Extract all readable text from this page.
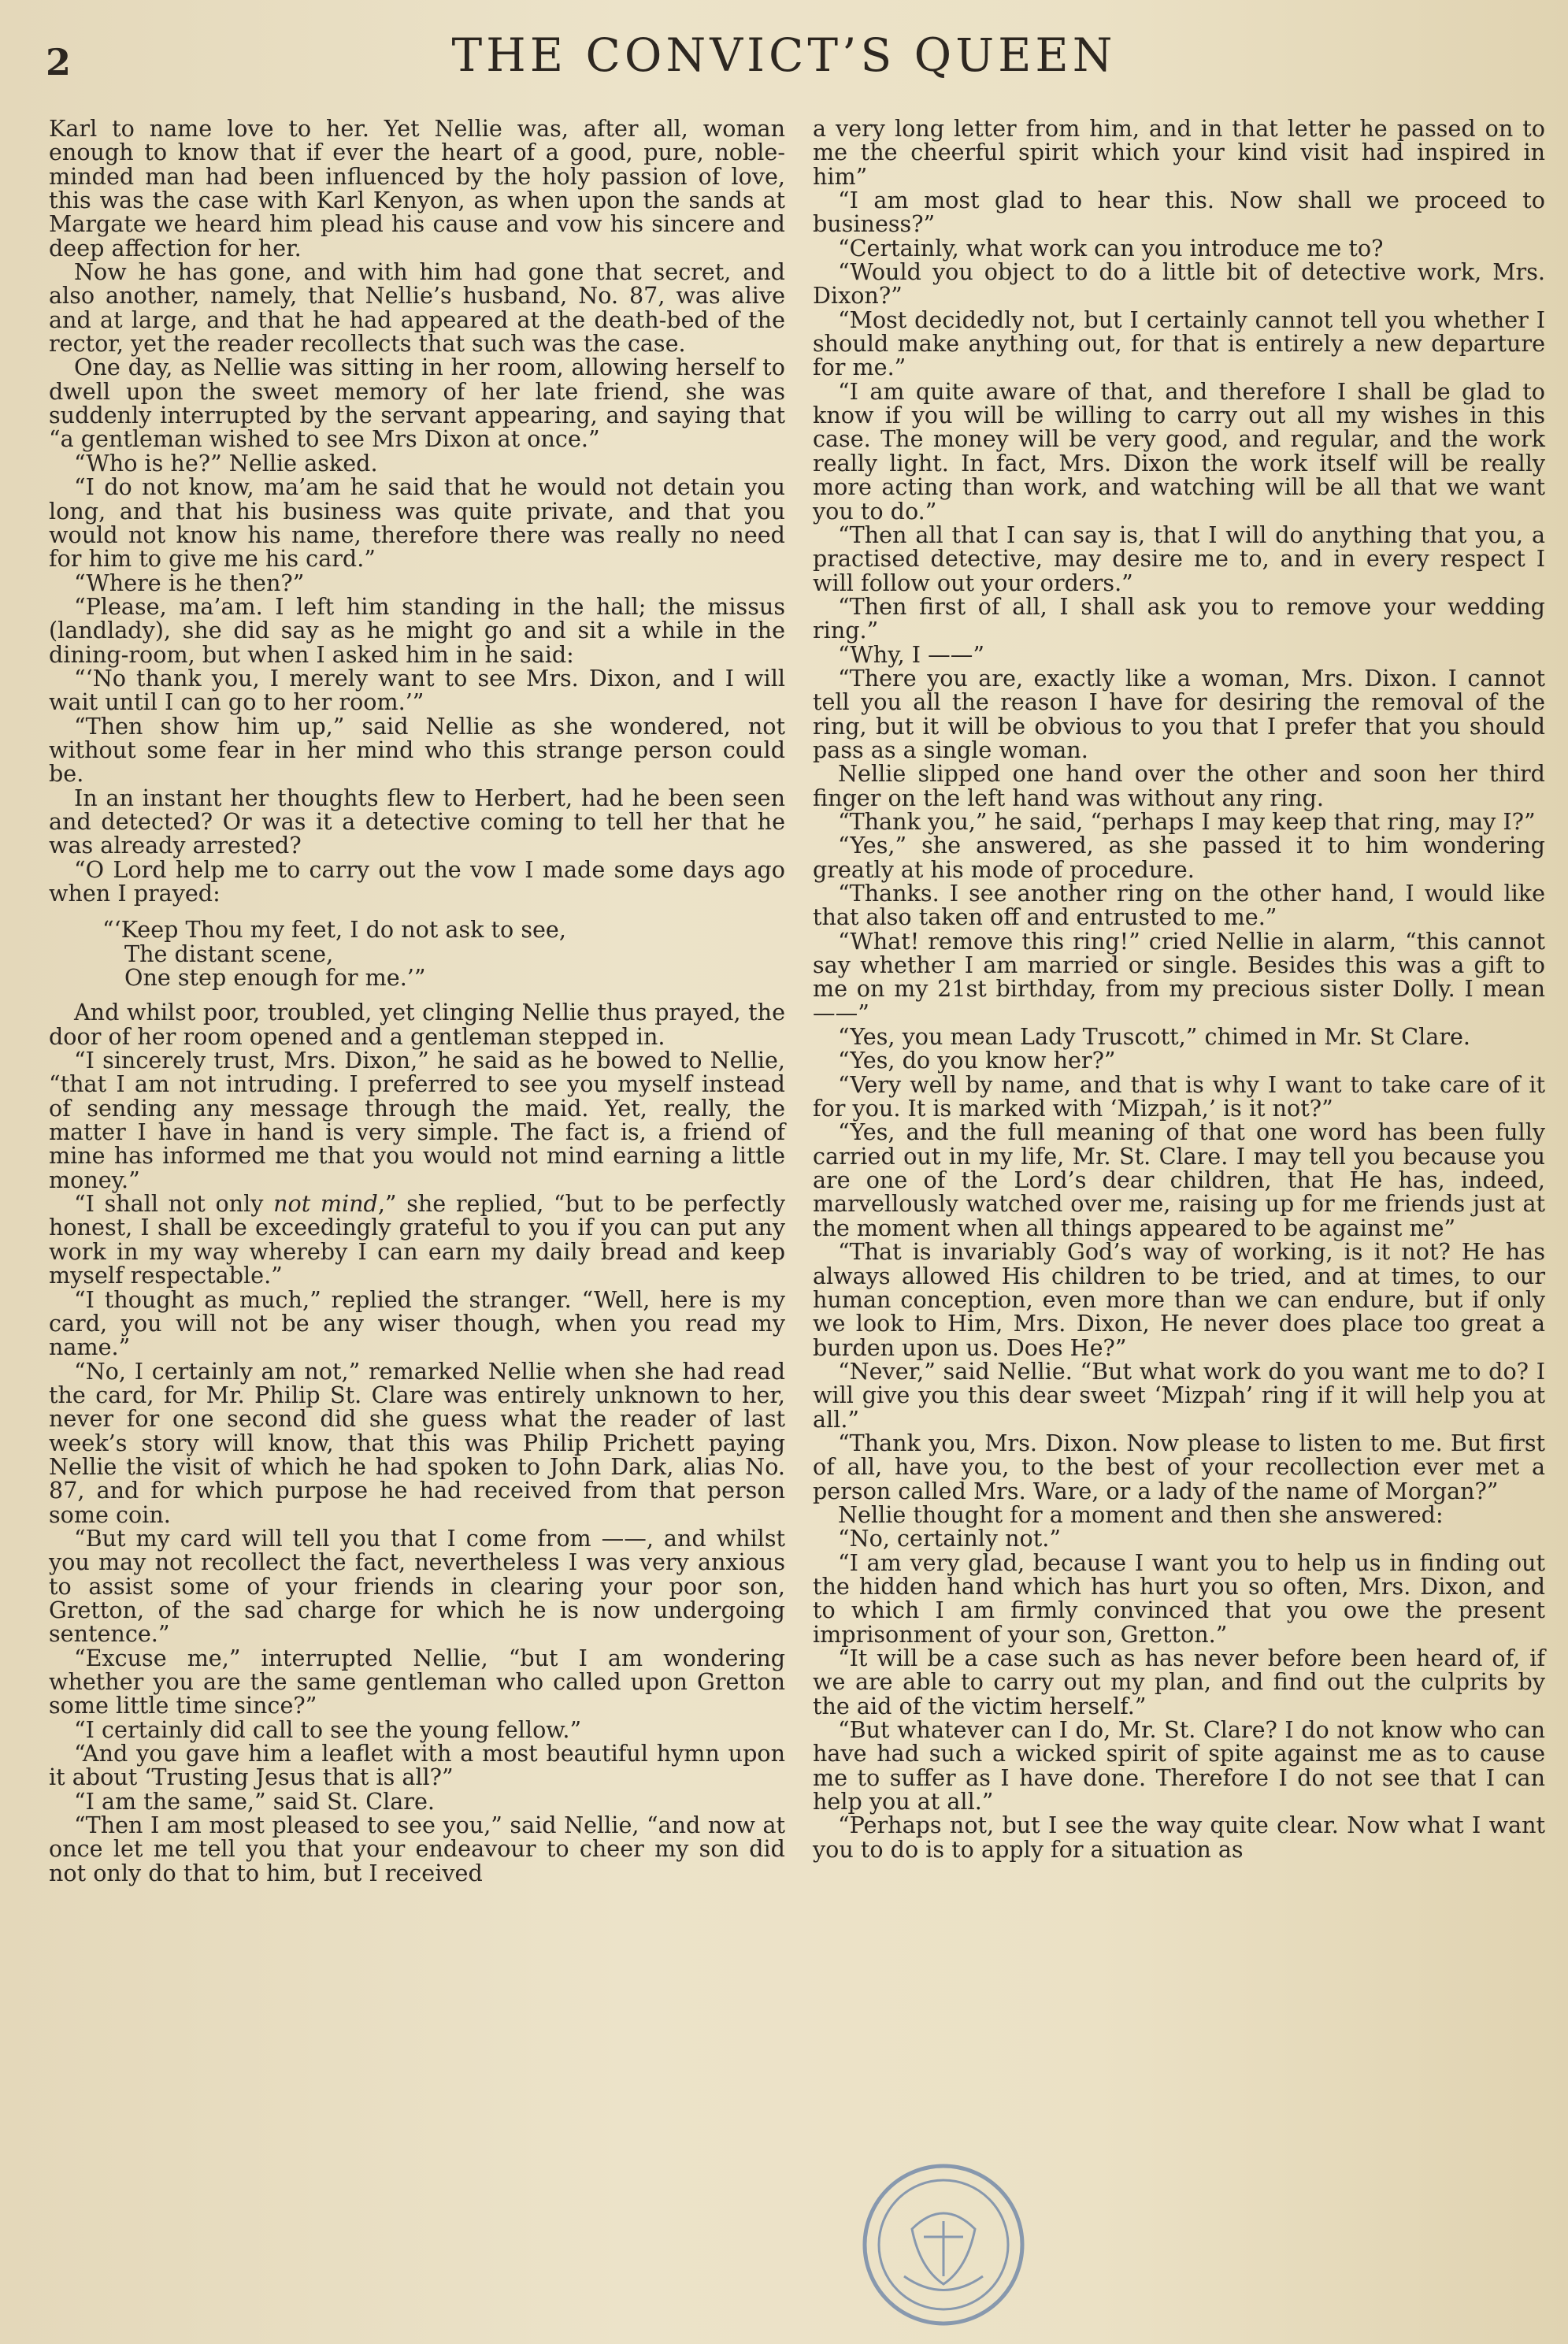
2	THE CONVICT’S QUEEN

Karl to name love to her. Yet Nellie was, after all, woman enough to know that if ever the heart of a good, pure, noble-minded man had been influenced by the holy passion of love, this was the case with Karl Kenyon, as when upon the sands at Margate we heard him plead his cause and vow his sincere and deep affection for her.

Now he has gone, and with him had gone that secret, and also another, namely, that Nellie’s husband, No. 87, was alive and at large, and that he had appeared at the death-bed of the rector, yet the reader recollects that such was the case.

One day, as Nellie was sitting in her room, allowing herself to dwell upon the sweet memory of her late friend, she was suddenly interrupted by the servant appearing, and saying that “a gentleman wished to see Mrs Dixon at once.”

“Who is he?” Nellie asked.

“I do not know, ma’am he said that he would not detain you long, and that his business was quite private, and that you would not know his name, therefore there was really no need for him to give me his card.”

“Where is he then?”

“Please, ma’am. I left him standing in the hall; the missus (landlady), she did say as he might go and sit a while in the dining-room, but when I asked him in he said:

“‘No thank you, I merely want to see Mrs. Dixon, and I will wait until I can go to her room.’”

“Then show him up,” said Nellie as she wondered, not without some fear in her mind who this strange person could be.

In an instant her thoughts flew to Herbert, had he been seen and detected? Or was it a detective coming to tell her that he was already arrested?

“O Lord help me to carry out the vow I made some days ago when I prayed:

“‘Keep Thou my feet, I do not ask to see,
The distant scene,
One step enough for me.’”

And whilst poor, troubled, yet clinging Nellie thus prayed, the door of her room opened and a gentleman stepped in.

“I sincerely trust, Mrs. Dixon,” he said as he bowed to Nellie, “that I am not intruding. I preferred to see you myself instead of sending any message through the maid. Yet, really, the matter I have in hand is very simple. The fact is, a friend of mine has informed me that you would not mind earning a little money.”

“I shall not only not mind,” she replied, “but to be perfectly honest, I shall be exceedingly grateful to you if you can put any work in my way whereby I can earn my daily bread and keep myself respectable.”

“I thought as much,” replied the stranger. “Well, here is my card, you will not be any wiser though, when you read my name.”

“No, I certainly am not,” remarked Nellie when she had read the card, for Mr. Philip St. Clare was entirely unknown to her, never for one second did she guess what the reader of last week’s story will know, that this was Philip Prichett paying Nellie the visit of which he had spoken to John Dark, alias No. 87, and for which purpose he had received from that person some coin.

“But my card will tell you that I come from ——, and whilst you may not recollect the fact, nevertheless I was very anxious to assist some of your friends in clearing your poor son, Gretton, of the sad charge for which he is now undergoing sentence.”

“Excuse me,” interrupted Nellie, “but I am wondering whether you are the same gentleman who called upon Gretton some little time since?”

“I certainly did call to see the young fellow.”

“And you gave him a leaflet with a most beautiful hymn upon it about ‘Trusting Jesus that is all?”

“I am the same,” said St. Clare.

“Then I am most pleased to see you,” said Nellie, “and now at once let me tell you that your endeavour to cheer my son did not only do that to him, but I received

a very long letter from him, and in that letter he passed on to me the cheerful spirit which your kind visit had inspired in him”

“I am most glad to hear this. Now shall we proceed to business?”

“Certainly, what work can you introduce me to?

“Would you object to do a little bit of detective work, Mrs. Dixon?”

“Most decidedly not, but I certainly cannot tell you whether I should make anything out, for that is entirely a new departure for me.”

“I am quite aware of that, and therefore I shall be glad to know if you will be willing to carry out all my wishes in this case. The money will be very good, and regular, and the work really light. In fact, Mrs. Dixon the work itself will be really more acting than work, and watching will be all that we want you to do.”

“Then all that I can say is, that I will do anything that you, a practised detective, may desire me to, and in every respect I will follow out your orders.”

“Then first of all, I shall ask you to remove your wedding ring.”

“Why, I ——”

“There you are, exactly like a woman, Mrs. Dixon. I cannot tell you all the reason I have for desiring the removal of the ring, but it will be obvious to you that I prefer that you should pass as a single woman.

Nellie slipped one hand over the other and soon her third finger on the left hand was without any ring.

“Thank you,” he said, “perhaps I may keep that ring, may I?”

“Yes,” she answered, as she passed it to him wondering greatly at his mode of procedure.

“Thanks. I see another ring on the other hand, I would like that also taken off and entrusted to me.”

“What! remove this ring!” cried Nellie in alarm, “this cannot say whether I am married or single. Besides this was a gift to me on my 21st birthday, from my precious sister Dolly. I mean——”

“Yes, you mean Lady Truscott,” chimed in Mr. St Clare.

“Yes, do you know her?”

“Very well by name, and that is why I want to take care of it for you. It is marked with ‘Mizpah,’ is it not?”

“Yes, and the full meaning of that one word has been fully carried out in my life, Mr. St. Clare. I may tell you because you are one of the Lord’s dear children, that He has, indeed, marvellously watched over me, raising up for me friends just at the moment when all things appeared to be against me”

“That is invariably God’s way of working, is it not? He has always allowed His children to be tried, and at times, to our human conception, even more than we can endure, but if only we look to Him, Mrs. Dixon, He never does place too great a burden upon us. Does He?”

“Never,” said Nellie. “But what work do you want me to do? I will give you this dear sweet ‘Mizpah’ ring if it will help you at all.”

“Thank you, Mrs. Dixon. Now please to listen to me. But first of all, have you, to the best of your recollection ever met a person called Mrs. Ware, or a lady of the name of Morgan?”

Nellie thought for a moment and then she answered:

“No, certainly not.”

“I am very glad, because I want you to help us in finding out the hidden hand which has hurt you so often, Mrs. Dixon, and to which I am firmly convinced that you owe the present imprisonment of your son, Gretton.”

“It will be a case such as has never before been heard of, if we are able to carry out my plan, and find out the culprits by the aid of the victim herself.”

“But whatever can I do, Mr. St. Clare? I do not know who can have had such a wicked spirit of spite against me as to cause me to suffer as I have done. Therefore I do not see that I can help you at all.”

“Perhaps not, but I see the way quite clear. Now what I want you to do is to apply for a situation as
